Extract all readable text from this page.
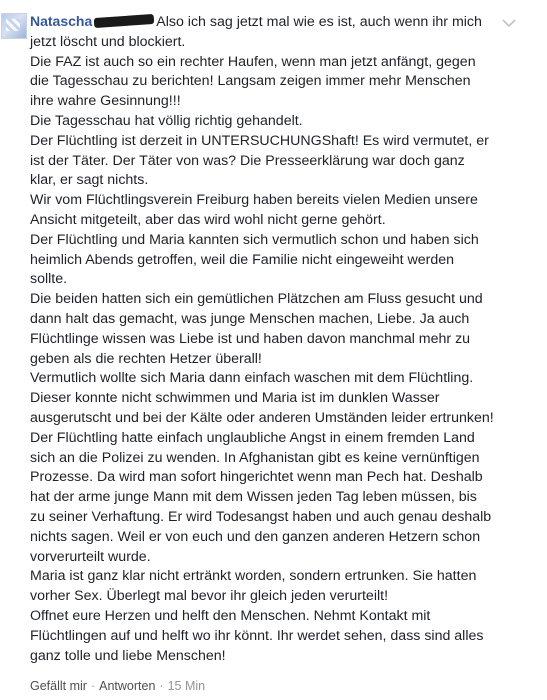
Natascha	Also ich sag jetzt mal wie es ist, auch wenn ihr mich
jetzt löscht und blockiert.
Die FAZ ist auch so ein rechter Haufen, wenn man jetzt anfängt, gegen
die Tagesschau zu berichten! Langsam zeigen immer mehr Menschen
ihre wahre Gesinnung!!!
Die Tagesschau hat völlig richtig gehandelt.
Der Flüchtling ist derzeit in UNTERSUCHUNGShaft! Es wird vermutet, er
ist der Täter. Der Täter von was? Die Presseerklärung war doch ganz
klar, er sagt nichts.
Wir vom Flüchtlingsverein Freiburg haben bereits vielen Medien unsere
Ansicht mitgeteilt, aber das wird wohl nicht gerne gehört.
Der Flüchtling und Maria kannten sich vermutlich schon und haben sich
heimlich Abends getroffen, weil die Familie nicht eingeweiht werden
sollte.
Die beiden hatten sich ein gemütlichen Plätzchen am Fluss gesucht und
dann halt das gemacht, was junge Menschen machen, Liebe. Ja auch
Flüchtlinge wissen was Liebe ist und haben davon manchmal mehr zu
geben als die rechten Hetzer überall!
Vermutlich wollte sich Maria dann einfach waschen mit dem Flüchtling.
Dieser konnte nicht schwimmen und Maria ist im dunklen Wasser
ausgerutscht und bei der Kälte oder anderen Umständen leider ertrunken!
Der Flüchtling hatte einfach unglaubliche Angst in einem fremden Land
sich an die Polizei zu wenden. In Afghanistan gibt es keine vernünftigen
Prozesse. Da wird man sofort hingerichtet wenn man Pech hat. Deshalb
hat der arme junge Mann mit dem Wissen jeden Tag leben müssen, bis
zu seiner Verhaftung. Er wird Todesangst haben und auch genau deshalb
nichts sagen. Weil er von euch und den ganzen anderen Hetzern schon
vorverurteilt wurde.
Maria ist ganz klar nicht ertränkt worden, sondern ertrunken. Sie hatten
vorher Sex. Überlegt mal bevor ihr gleich jeden verurteilt!
Offnet eure Herzen und helft den Menschen. Nehmt Kontakt mit
Flüchtlingen auf und helft wo ihr könnt. Ihr werdet sehen, dass sind alles
ganz tolle und liebe Menschen!
Gefällt mir · Antworten · 15 Min
